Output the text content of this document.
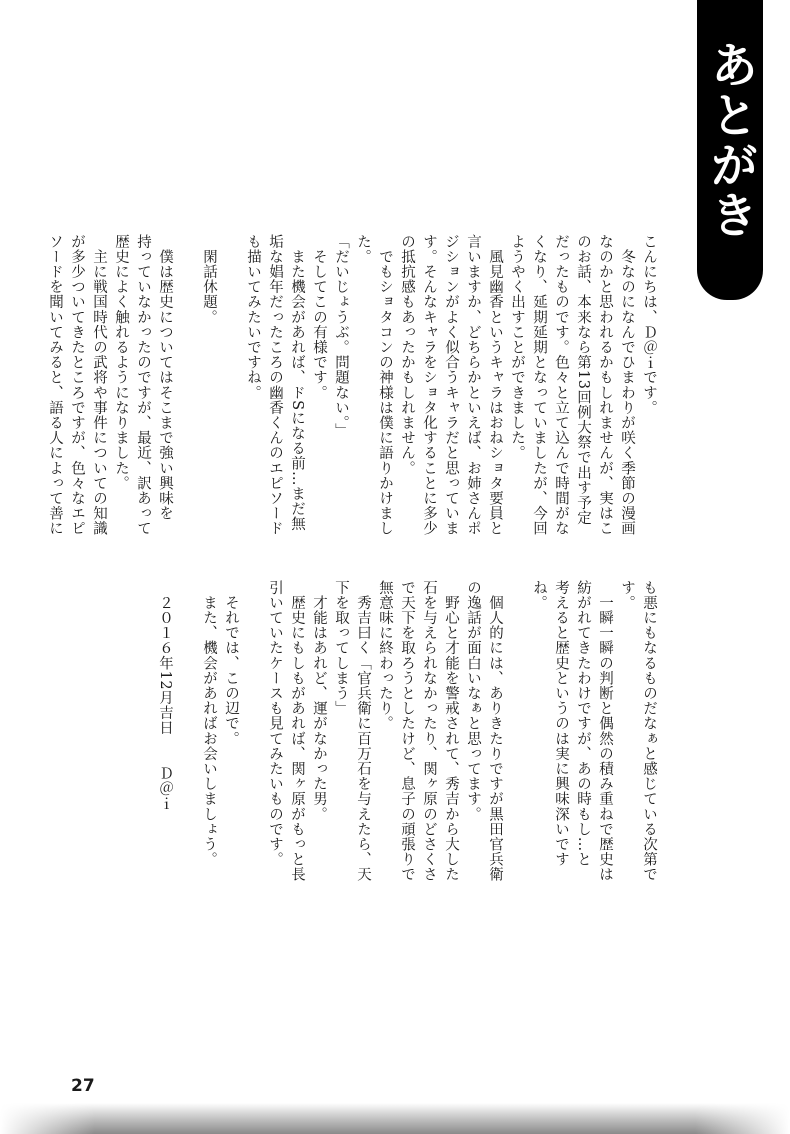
あとがき
こんにちは、Ｄ＠ｉです。
　冬なのになんでひまわりが咲く季節の漫画
なのかと思われるかもしれませんが、実はこ
のお話、本来なら第13回例大祭で出す予定
だったものです。色々と立て込んで時間がな
くなり、延期延期となっていましたが、今回
ようやく出すことができました。
　風見幽香というキャラはおねショタ要員と
言いますか、どちらかといえば、お姉さんポ
ジションがよく似合うキャラだと思っていま
す。そんなキャラをショタ化することに多少
の抵抗感もあったかもしれません。
　でもショタコンの神様は僕に語りかけまし
た。
「だいじょうぶ。問題ない。」
　そしてこの有様です。
　また機会があれば、ドSになる前…まだ無
垢な娼年だったころの幽香くんのエピソード
も描いてみたいですね。

　閑話休題。

　僕は歴史についてはそこまで強い興味を
持っていなかったのですが、最近、訳あって
歴史によく触れるようになりました。
　主に戦国時代の武将や事件についての知識
が多少ついてきたところですが、色々なエピ
ソードを聞いてみると、語る人によって善に

も悪にもなるものだなぁと感じている次第で
す。
　一瞬一瞬の判断と偶然の積み重ねで歴史は
紡がれてきたわけですが、あの時もし…と
考えると歴史というのは実に興味深いです
ね。

　個人的には、ありきたりですが黒田官兵衛
の逸話が面白いなぁと思ってます。
　野心と才能を警戒されて、秀吉から大した
石を与えられなかったり、関ヶ原のどさくさ
で天下を取ろうとしたけど、息子の頑張りで
無意味に終わったり。
　秀吉曰く「官兵衛に百万石を与えたら、天
下を取ってしまう」
　才能はあれど、運がなかった男。
　歴史にもしもがあれば、関ヶ原がもっと長
引いていたケースも見てみたいものです。

　それでは、この辺で。
　また、機会があればお会いしましょう。

　２０１６年12月吉日　　Ｄ＠ｉ

27
